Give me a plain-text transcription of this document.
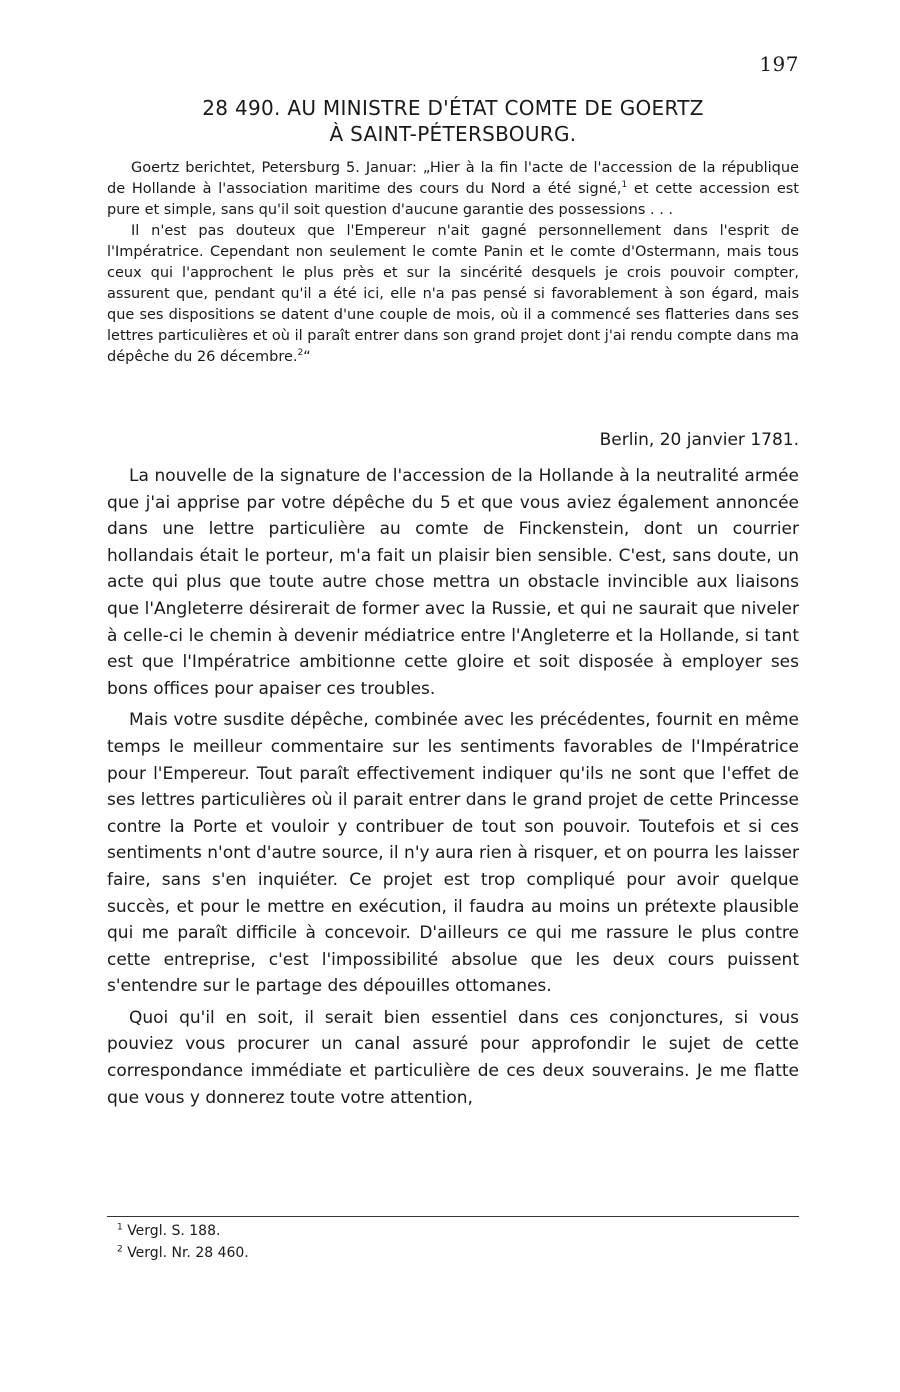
197
28 490. AU MINISTRE D'ÉTAT COMTE DE GOERTZ
À SAINT-PÉTERSBOURG.

Goertz berichtet, Petersburg 5. Januar: „Hier à la fin l'acte de l'accession de la république de Hollande à l'association maritime des cours du Nord a été signé,$^1$ et cette accession est pure et simple, sans qu'il soit question d'aucune garantie des possessions . . .

Il n'est pas douteux que l'Empereur n'ait gagné personnellement dans l'esprit de l'Impératrice. Cependant non seulement le comte Panin et le comte d'Ostermann, mais tous ceux qui l'approchent le plus près et sur la sincérité desquels je crois pouvoir compter, assurent que, pendant qu'il a été ici, elle n'a pas pensé si favorablement à son égard, mais que ses dispositions se datent d'une couple de mois, où il a commencé ses flatteries dans ses lettres particulières et où il paraît entrer dans son grand projet dont j'ai rendu compte dans ma dépêche du 26 décembre.$^2$“

Berlin, 20 janvier 1781.

La nouvelle de la signature de l'accession de la Hollande à la neutralité armée que j'ai apprise par votre dépêche du 5 et que vous aviez également annoncée dans une lettre particulière au comte de Finckenstein, dont un courrier hollandais était le porteur, m'a fait un plaisir bien sensible. C'est, sans doute, un acte qui plus que toute autre chose mettra un obstacle invincible aux liaisons que l'Angleterre désirerait de former avec la Russie, et qui ne saurait que niveler à celle-ci le chemin à devenir médiatrice entre l'Angleterre et la Hollande, si tant est que l'Impératrice ambitionne cette gloire et soit disposée à employer ses bons offices pour apaiser ces troubles.

Mais votre susdite dépêche, combinée avec les précédentes, fournit en même temps le meilleur commentaire sur les sentiments favorables de l'Impératrice pour l'Empereur. Tout paraît effectivement indiquer qu'ils ne sont que l'effet de ses lettres particulières où il parait entrer dans le grand projet de cette Princesse contre la Porte et vouloir y contribuer de tout son pouvoir. Toutefois et si ces sentiments n'ont d'autre source, il n'y aura rien à risquer, et on pourra les laisser faire, sans s'en inquiéter. Ce projet est trop compliqué pour avoir quelque succès, et pour le mettre en exécution, il faudra au moins un prétexte plausible qui me paraît difficile à concevoir. D'ailleurs ce qui me rassure le plus contre cette entreprise, c'est l'impossibilité absolue que les deux cours puissent s'entendre sur le partage des dépouilles ottomanes.

Quoi qu'il en soit, il serait bien essentiel dans ces conjonctures, si vous pouviez vous procurer un canal assuré pour approfondir le sujet de cette correspondance immédiate et particulière de ces deux souverains. Je me flatte que vous y donnerez toute votre attention,

$^1$ Vergl. S. 188.
$^2$ Vergl. Nr. 28 460.
